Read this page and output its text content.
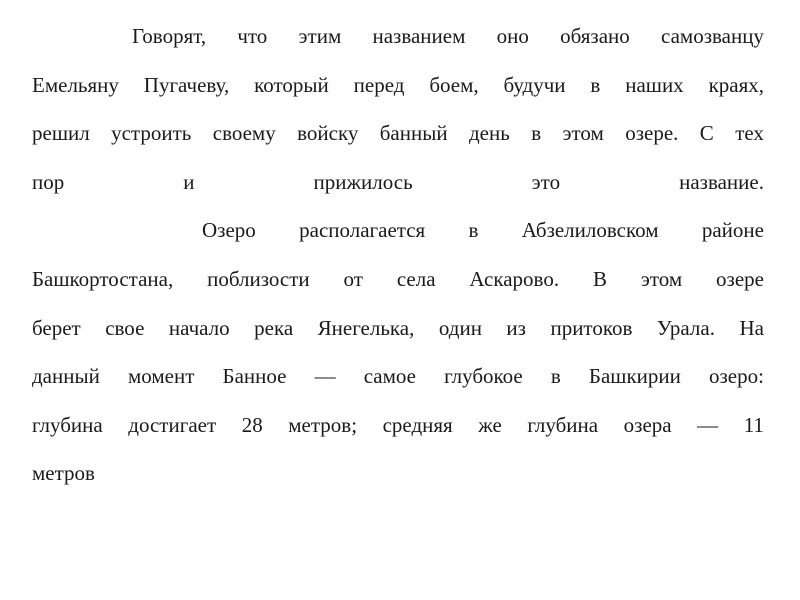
Говорят, что этим названием оно обязано самозванцу
Емельяну Пугачеву, который перед боем, будучи в наших краях,
решил устроить своему войску банный день в этом озере. С тех
пор	и	прижилось	это	название.
Озеро располагается в Абзелиловском районе
Башкортостана, поблизости от села Аскарово. В этом озере
берет свое начало река Янегелька, один из притоков Урала. На
данный момент Банное — самое глубокое в Башкирии озеро:
глубина достигает 28 метров; средняя же глубина озера — 11
метров
